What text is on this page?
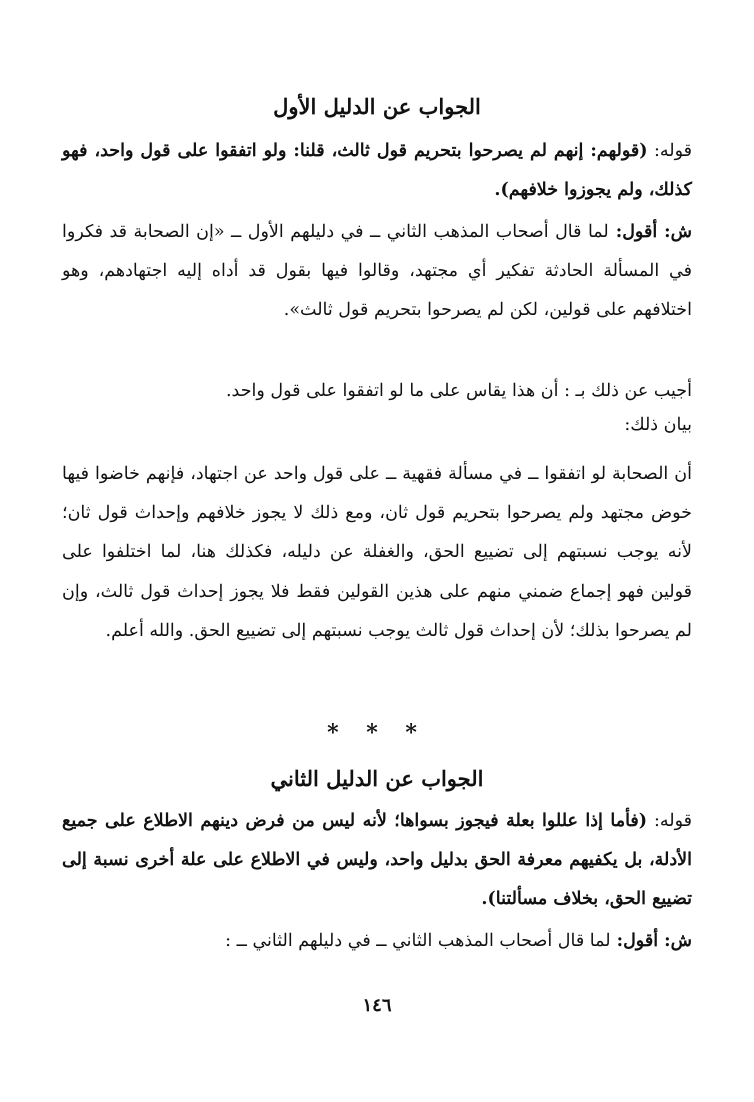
الجواب عن الدليل الأول
قوله: (قولهم: إنهم لم يصرحوا بتحريم قول ثالث، قلنا: ولو اتفقوا على قول واحد، فهو كذلك، ولم يجوزوا خلافهم).
ش: أقول: لما قال أصحاب المذهب الثاني ــ في دليلهم الأول ــ «إن الصحابة قد فكروا في المسألة الحادثة تفكير أي مجتهد، وقالوا فيها بقول قد أداه إليه اجتهادهم، وهو اختلافهم على قولين، لكن لم يصرحوا بتحريم قول ثالث».
أجيب عن ذلك بـ : أن هذا يقاس على ما لو اتفقوا على قول واحد.
بيان ذلك:
أن الصحابة لو اتفقوا ــ في مسألة فقهية ــ على قول واحد عن اجتهاد، فإنهم خاضوا فيها خوض مجتهد ولم يصرحوا بتحريم قول ثان، ومع ذلك لا يجوز خلافهم وإحداث قول ثان؛ لأنه يوجب نسبتهم إلى تضييع الحق، والغفلة عن دليله، فكذلك هنا، لما اختلفوا على قولين فهو إجماع ضمني منهم على هذين القولين فقط فلا يجوز إحداث قول ثالث، وإن لم يصرحوا بذلك؛ لأن إحداث قول ثالث يوجب نسبتهم إلى تضييع الحق. والله أعلم.
* * *
الجواب عن الدليل الثاني
قوله: (فأما إذا عللوا بعلة فيجوز بسواها؛ لأنه ليس من فرض دينهم الاطلاع على جميع الأدلة، بل يكفيهم معرفة الحق بدليل واحد، وليس في الاطلاع على علة أخرى نسبة إلى تضييع الحق، بخلاف مسألتنا).
ش: أقول: لما قال أصحاب المذهب الثاني ــ في دليلهم الثاني ــ :
١٤٦
